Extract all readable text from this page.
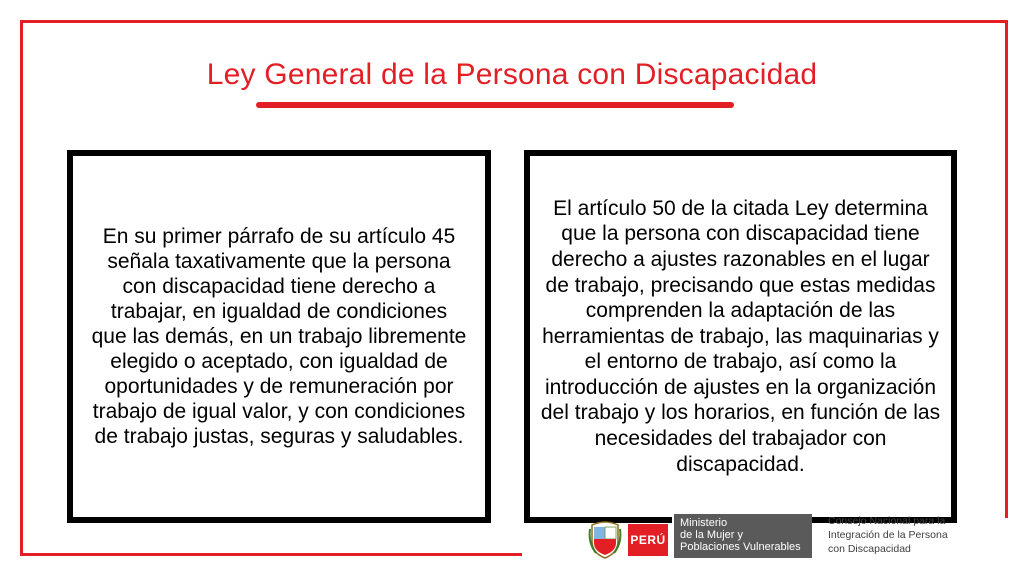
Ley General de la Persona con Discapacidad

En su primer párrafo de su artículo 45 señala taxativamente que la persona con discapacidad tiene derecho a trabajar, en igualdad de condiciones que las demás, en un trabajo libremente elegido o aceptado, con igualdad de oportunidades y de remuneración por trabajo de igual valor, y con condiciones de trabajo justas, seguras y saludables.

El artículo 50 de la citada Ley determina que la persona con discapacidad tiene derecho a ajustes razonables en el lugar de trabajo, precisando que estas medidas comprenden la adaptación de las herramientas de trabajo, las maquinarias y el entorno de trabajo, así como la introducción de ajustes en la organización del trabajo y los horarios, en función de las necesidades del trabajador con discapacidad.

PERÚ
Ministerio
de la Mujer y
Poblaciones Vulnerables
Consejo Nacional para la
Integración de la Persona
con Discapacidad
